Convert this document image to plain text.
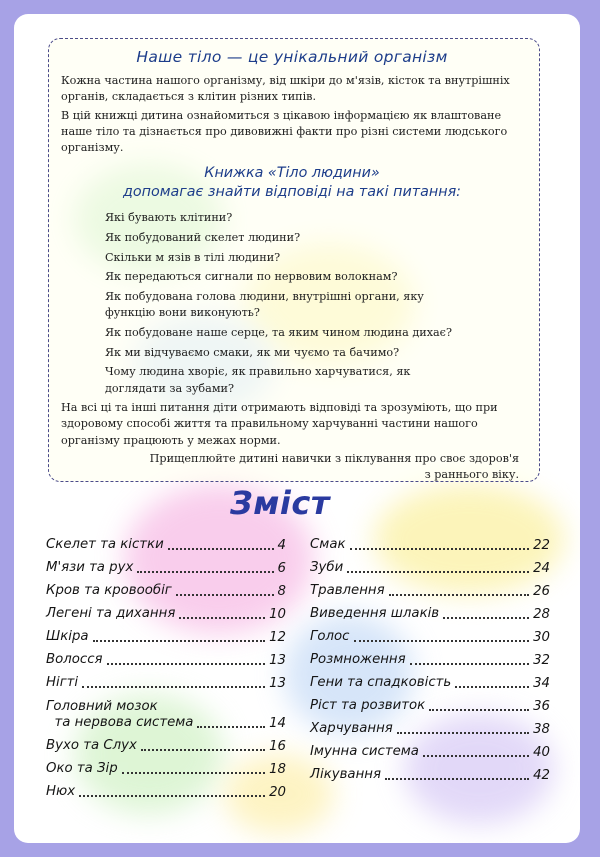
Наше тіло — це унікальний організм

Кожна частина нашого організму, від шкіри до м'язів, кісток та внутрішніх органів, складається з клітин різних типів.

В цій книжці дитина ознайомиться з цікавою інформацією як влаштоване наше тіло та дізнається про дивовижні факти про різні системи людського організму.

Книжка «Тіло людини»
допомагає знайти відповіді на такі питання:
Які бувають клітини?
Як побудований скелет людини?
Скільки м язів в тілі людини?
Як передаються сигнали по нервовим волокнам?
Як побудована голова людини, внутрішні органи, яку функцію вони виконують?
Як побудоване наше серце, та яким чином людина дихає?
Як ми відчуваємо смаки, як ми чуємо та бачимо?
Чому людина хворіє, як правильно харчуватися, як доглядати за зубами?

На всі ці та інші питання діти отримають відповіді та зрозуміють, що при здоровому способі життя та правильному харчуванні частини нашого організму працюють у межах норми.

Прищеплюйте дитині навички з піклування про своє здоров'я
з раннього віку.

Зміст
Скелет та кістки	4
М'язи та рух	6
Кров та кровообіг	8
Легені та дихання	10
Шкіра	12
Волосся	13
Нігті	13
Головний мозок
та нервова система	14
Вухо та Слух	16
Око та Зір	18
Нюх	20
Смак	22
Зуби	24
Травлення	26
Виведення шлаків	28
Голос	30
Розмноження	32
Гени та спадковість	34
Ріст та розвиток	36
Харчування	38
Імунна система	40
Лікування	42
